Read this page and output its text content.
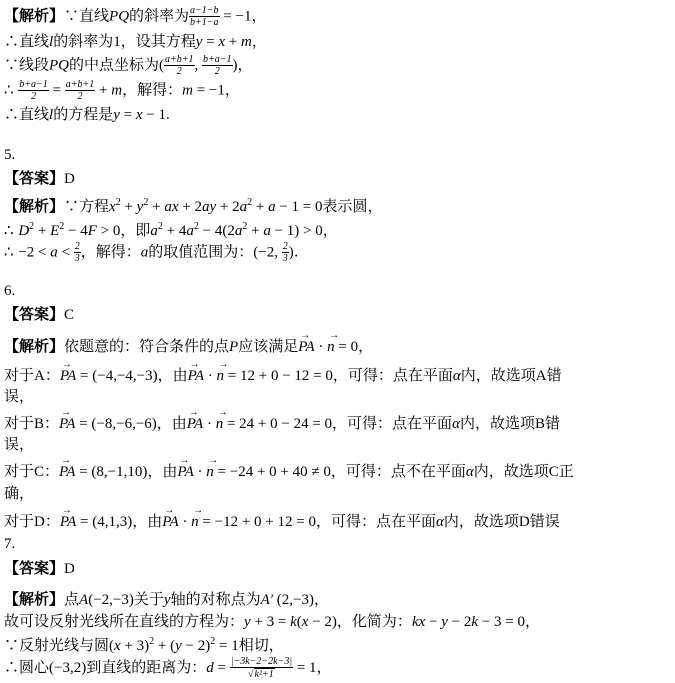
【解析】∵直线PQ的斜率为 $\frac{a-1-b}{b+1-a} = -1$，
∴直线l的斜率为1，设其方程y = x + m，
∵线段PQ的中点坐标为( $\frac{a+b+1}{2}$ , $\frac{b+a-1}{2}$ )，
∴ $\frac{b+a-1}{2} = \frac{a+b+1}{2} + m$，解得：m = −1，
∴直线l的方程是y = x − 1.
5.
【答案】D
【解析】∵方程$x^2 + y^2$ + ax + $2ay + 2a^2 + a - 1 = 0$表示圆，
∴ $D^2 + E^2 - 4F > 0$，即$a^2 + 4a^2 - 4(2a^2 + a - 1) > 0$，
∴ $-2 < a < \frac{2}{3}$ ，解得：a的取值范围为：(−2, $\frac{2}{3}$ ).
6.
【答案】C
【解析】依题意的：符合条件的点P应该满足→ PA · → n = 0，
对于A：→ PA = (−4,−4,−3)，由→ PA · → n = 12 + 0 − 12 = 0，可得：点在平面α内，故选项A错
误，
对于B：→ PA = (−8,−6,−6)，由→ PA · → n = 24 + 0 − 24 = 0，可得：点在平面α内，故选项B错
误，
对于C：→ PA = (8,−1,10)，由→ PA · → n = −24 + 0 + 40 ≠ 0，可得：点不在平面α内，故选项C正
确，
对于D：→ PA = (4,1,3)，由→ PA · → n = −12 + 0 + 12 = 0，可得：点在平面α内，故选项D错误
7.
【答案】D
【解析】点A(−2,−3)关于y轴的对称点为A′ (2,−3)，
故可设反射光线所在直线的方程为：y + 3 = k(x − 2)，化简为：kx − y − 2k − 3 = 0，
∵反射光线与圆$(x + 3)^2 + (y - 2)^2 = 1$相切，
∴圆心(−3,2)到直线的距离为：$d = \frac{|-3k-2-2k-3|}{\text{√k²+1}} = 1$，
